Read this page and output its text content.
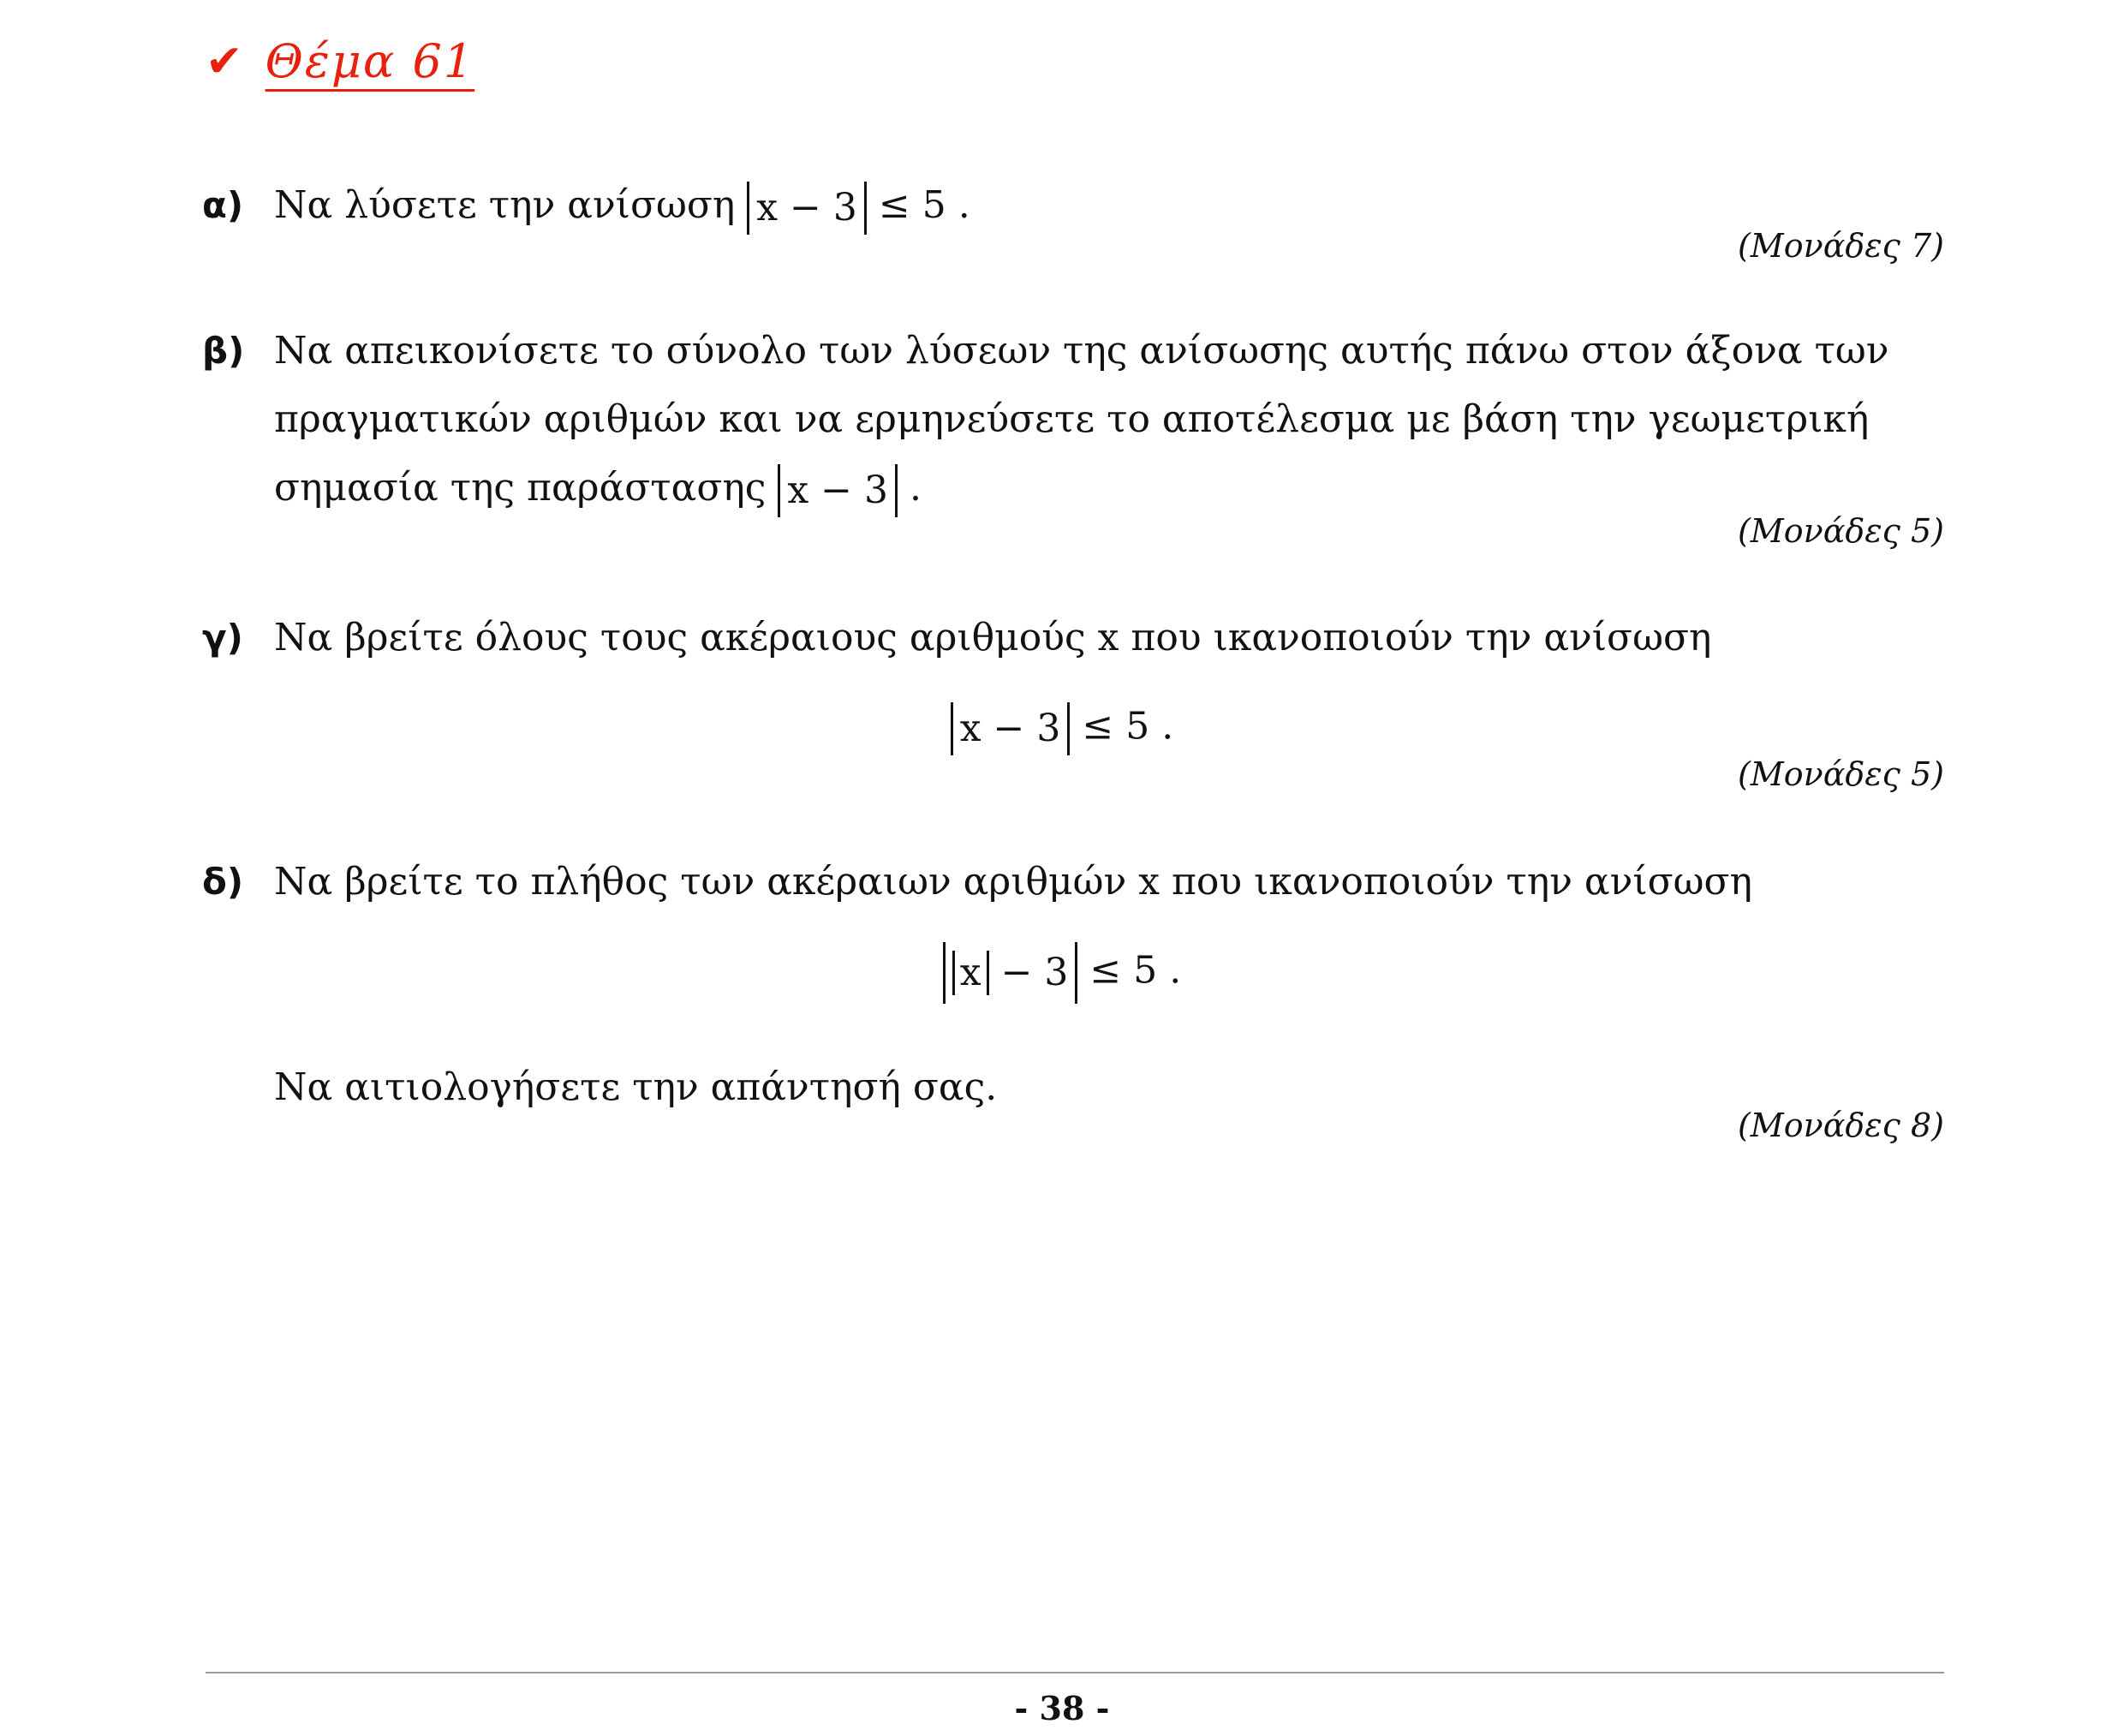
✔ Θέμα 61
α) Να λύσετε την ανίσωση x − 3 ≤ 5 .
(Μονάδες 7)
β) Να απεικονίσετε το σύνολο των λύσεων της ανίσωσης αυτής πάνω στον άξονα των
πραγματικών αριθμών και να ερμηνεύσετε το αποτέλεσμα με βάση την γεωμετρική
σημασία της παράστασης x − 3 .
(Μονάδες 5)
γ) Να βρείτε όλους τους ακέραιους αριθμούς x που ικανοποιούν την ανίσωση
x − 3 ≤ 5 .
(Μονάδες 5)
δ) Να βρείτε το πλήθος των ακέραιων αριθμών x που ικανοποιούν την ανίσωση
x − 3 ≤ 5 .
Να αιτιολογήσετε την απάντησή σας.
(Μονάδες 8)
- 38 -
